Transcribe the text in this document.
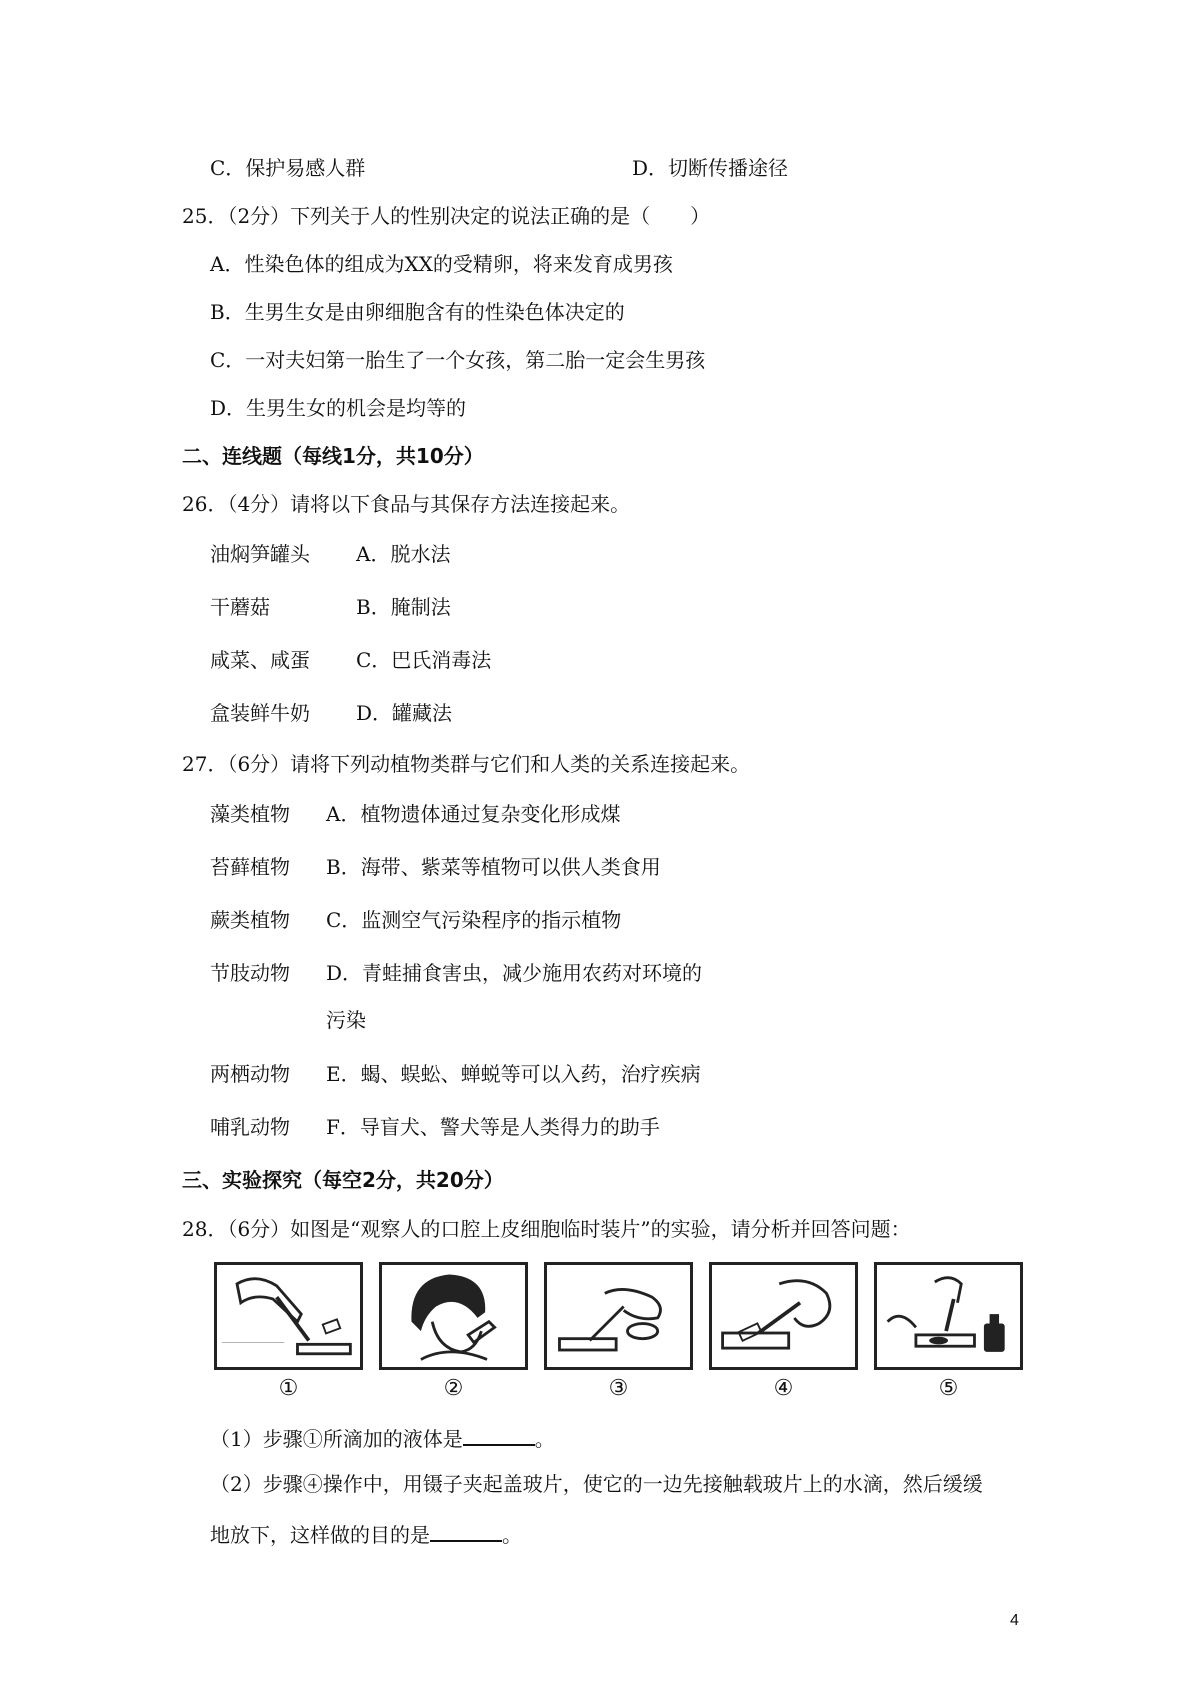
C．保护易感人群	D．切断传播途径
25．（2分）下列关于人的性别决定的说法正确的是（　　）
A．性染色体的组成为XX的受精卵，将来发育成男孩
B．生男生女是由卵细胞含有的性染色体决定的
C．一对夫妇第一胎生了一个女孩，第二胎一定会生男孩
D．生男生女的机会是均等的
二、连线题（每线1分，共10分）
26．（4分）请将以下食品与其保存方法连接起来。
油焖笋罐头 A．脱水法
干蘑菇	B．腌制法
咸菜、咸蛋 C．巴氏消毒法
盒装鲜牛奶 D．罐藏法
27．（6分）请将下列动植物类群与它们和人类的关系连接起来。
藻类植物 A．植物遗体通过复杂变化形成煤
苔藓植物 B．海带、紫菜等植物可以供人类食用
蕨类植物 C．监测空气污染程序的指示植物
节肢动物 D．青蛙捕食害虫，减少施用农药对环境的
污染
两栖动物 E．蝎、蜈蚣、蝉蜕等可以入药，治疗疾病
哺乳动物 F．导盲犬、警犬等是人类得力的助手
三、实验探究（每空2分，共20分）
28．（6分）如图是“观察人的口腔上皮细胞临时装片”的实验，请分析并回答问题：
①	②	③	④	⑤
（1）步骤①所滴加的液体是	。
（2）步骤④操作中，用镊子夹起盖玻片，使它的一边先接触载玻片上的水滴，然后缓缓
地放下，这样做的目的是	。
4
